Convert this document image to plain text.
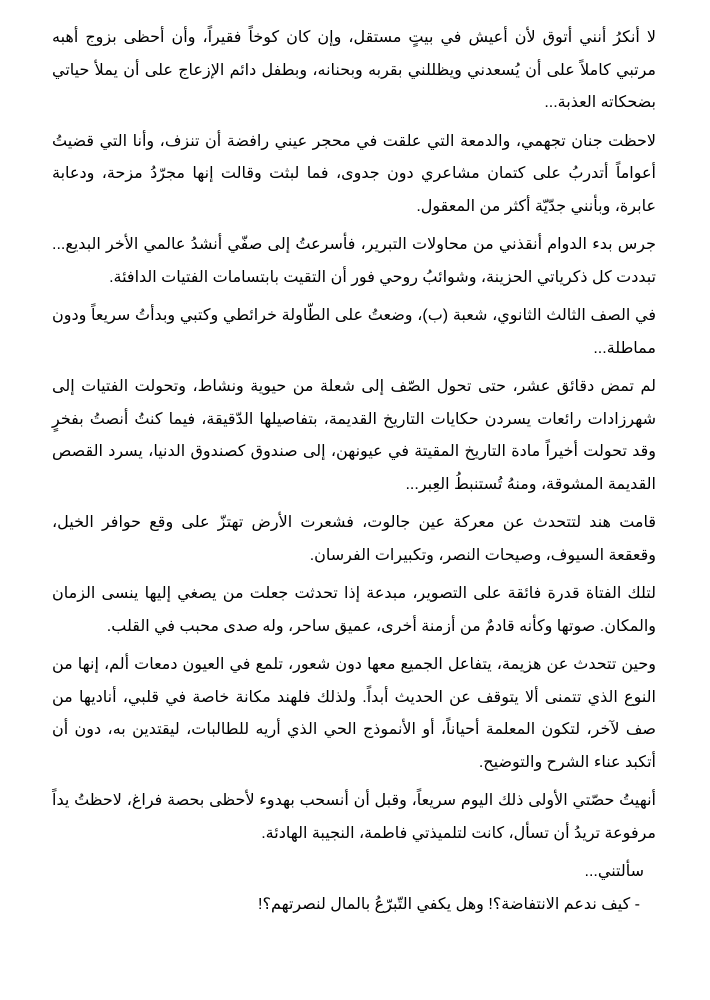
لا أنكرُ أنني أتوق لأن أعيش في بيتٍ مستقل، وإن كان كوخاً فقيراً، وأن أحظى بزوج أهبه مرتبي كاملاً على أن يُسعدني ويظللني بقربه وبحنانه، وبطفل دائم الإزعاج على أن يملأ حياتي بضحكاته العذبة...

لاحظت جنان تجهمي، والدمعة التي علقت في محجر عيني رافضة أن تنزف، وأنا التي قضيتُ أعواماً أتدربُ على كتمان مشاعري دون جدوى، فما لبثت وقالت إنها مجرّدُ مزحة، ودعابة عابرة، وبأنني جدّيّة أكثر من المعقول.

جرس بدء الدوام أنقذني من محاولات التبرير، فأسرعتُ إلى صفّي أنشدُ عالمي الأخر البديع... تبددت كل ذكرياتي الحزينة، وشوائبُ روحي فور أن التقيت بابتسامات الفتيات الدافئة.

في الصف الثالث الثانوي، شعبة (ب)، وضعتُ على الطّاولة خرائطي وكتبي وبدأتُ سريعاً ودون مماطلة...

لم تمض دقائق عشر، حتى تحول الصّف إلى شعلة من حيوية ونشاط، وتحولت الفتيات إلى شهرزادات رائعات يسردن حكايات التاريخ القديمة، بتفاصيلها الدّقيقة، فيما كنتُ أنصتُ بفخرٍ وقد تحولت أخيراً مادة التاريخ المقيتة في عيونهن، إلى صندوق كصندوق الدنيا، يسرد القصص القديمة المشوقة، ومنهُ تُستنبطُ العِبر...

قامت هند لتتحدث عن معركة عين جالوت، فشعرت الأرض تهتزّ على وقع حوافر الخيل، وقعقعة السيوف، وصيحات النصر، وتكبيرات الفرسان.

لتلك الفتاة قدرة فائقة على التصوير، مبدعة إذا تحدثت جعلت من يصغي إليها ينسى الزمان والمكان. صوتها وكأنه قادمٌ من أزمنة أخرى، عميق ساحر، وله صدى محبب في القلب.

وحين تتحدث عن هزيمة، يتفاعل الجميع معها دون شعور، تلمع في العيون دمعات ألم، إنها من النوع الذي تتمنى ألا يتوقف عن الحديث أبداً. ولذلك فلهند مكانة خاصة في قلبي، أناديها من صف لآخر، لتكون المعلمة أحياناً، أو الأنموذج الحي الذي أريه للطالبات، ليقتدين به، دون أن أتكبد عناء الشرح والتوضيح.

أنهيتُ حصّتي الأولى ذلك اليوم سريعاً، وقبل أن أنسحب بهدوء لأحظى بحصة فراغ، لاحظتُ يداً مرفوعة تريدُ أن تسأل، كانت لتلميذتي فاطمة، النجيبة الهادئة.

سألتني...

- كيف ندعم الانتفاضة؟! وهل يكفي التّبرّعُ بالمال لنصرتهم؟!
